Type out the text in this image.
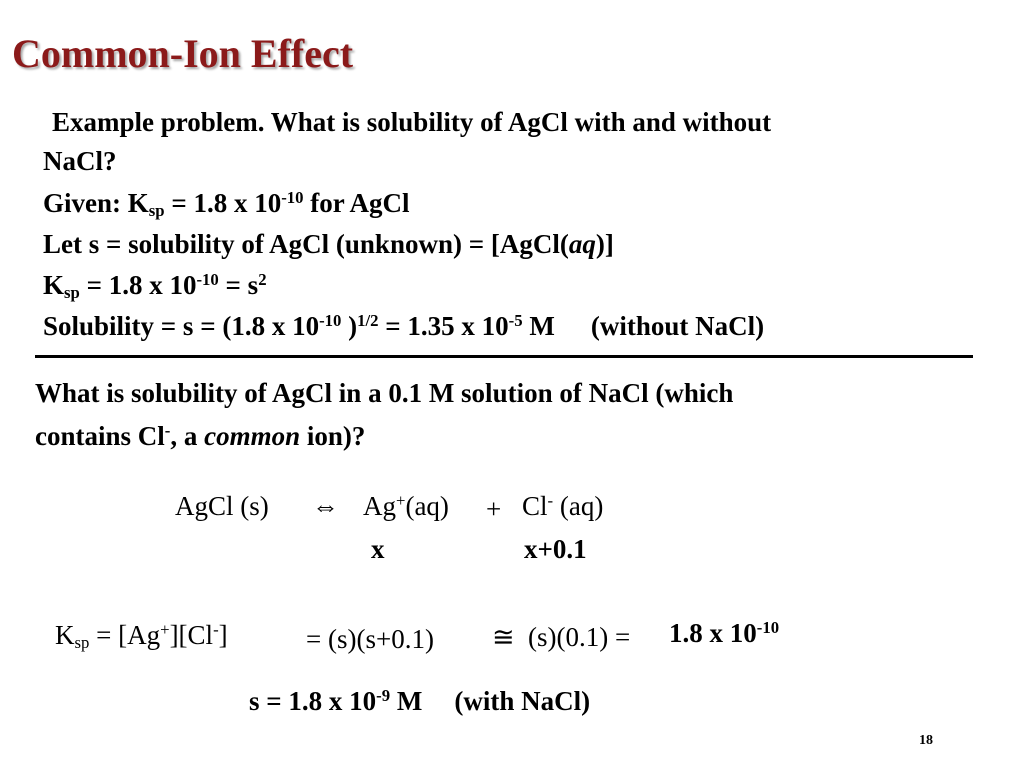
Common-Ion Effect
Example problem. What is solubility of AgCl with and without
NaCl?
Given: $K_{sp} = 1.8$ x $10^{-10}$ for AgCl
Let s = solubility of AgCl (unknown) = [AgCl(aq)]
$K_{sp} = 1.8$ x $10^{-10} = s^2$
Solubility = s = (1.8 x $10^{-10}$ )$^{1/2}$ = 1.35 x $10^{-5}$ M (without NaCl)
What is solubility of AgCl in a 0.1 M solution of NaCl (which
contains Cl-, a common ion)?
AgCl (s) ⇔ Ag+(aq) + Cl- (aq)
x	x+0.1
$K_{sp} = [Ag^+][Cl^-]$	= (s)(s+0.1) ≅ (s)(0.1) = 1.8 x $10^{-10}$
s = 1.8 x $10^{-9}$ M (with NaCl)
18
